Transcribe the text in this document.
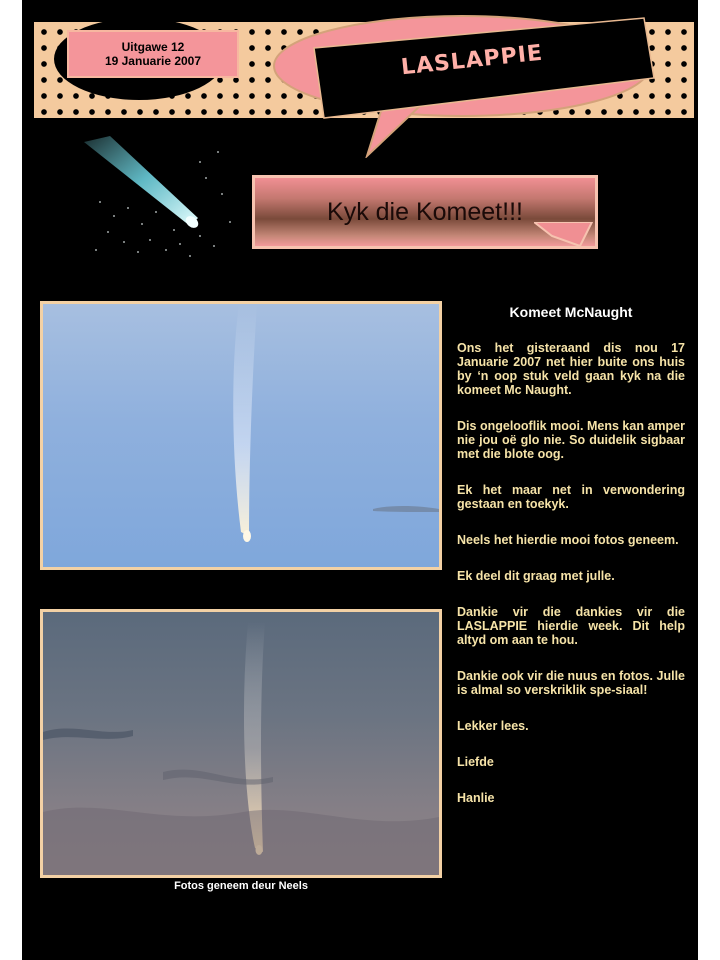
Uitgawe 12
19 Januarie 2007	LASLAPPIE
Kyk die Komeet!!!
Fotos geneem deur Neels
Komeet McNaught

Ons het gisteraand dis nou 17 Januarie 2007 net hier buite ons huis by ‘n oop stuk veld gaan kyk na die komeet Mc Naught.

Dis ongelooflik mooi. Mens kan amper nie jou oë glo nie. So duidelik sigbaar met die blote oog.

Ek het maar net in verwondering gestaan en toekyk.

Neels het hierdie mooi fotos geneem.

Ek deel dit graag met julle.

Dankie vir die dankies vir die LASLAPPIE hierdie week. Dit help altyd om aan te hou.

Dankie ook vir die nuus en fotos. Julle is almal so verskriklik spe-siaal!

Lekker lees.

Liefde

Hanlie
